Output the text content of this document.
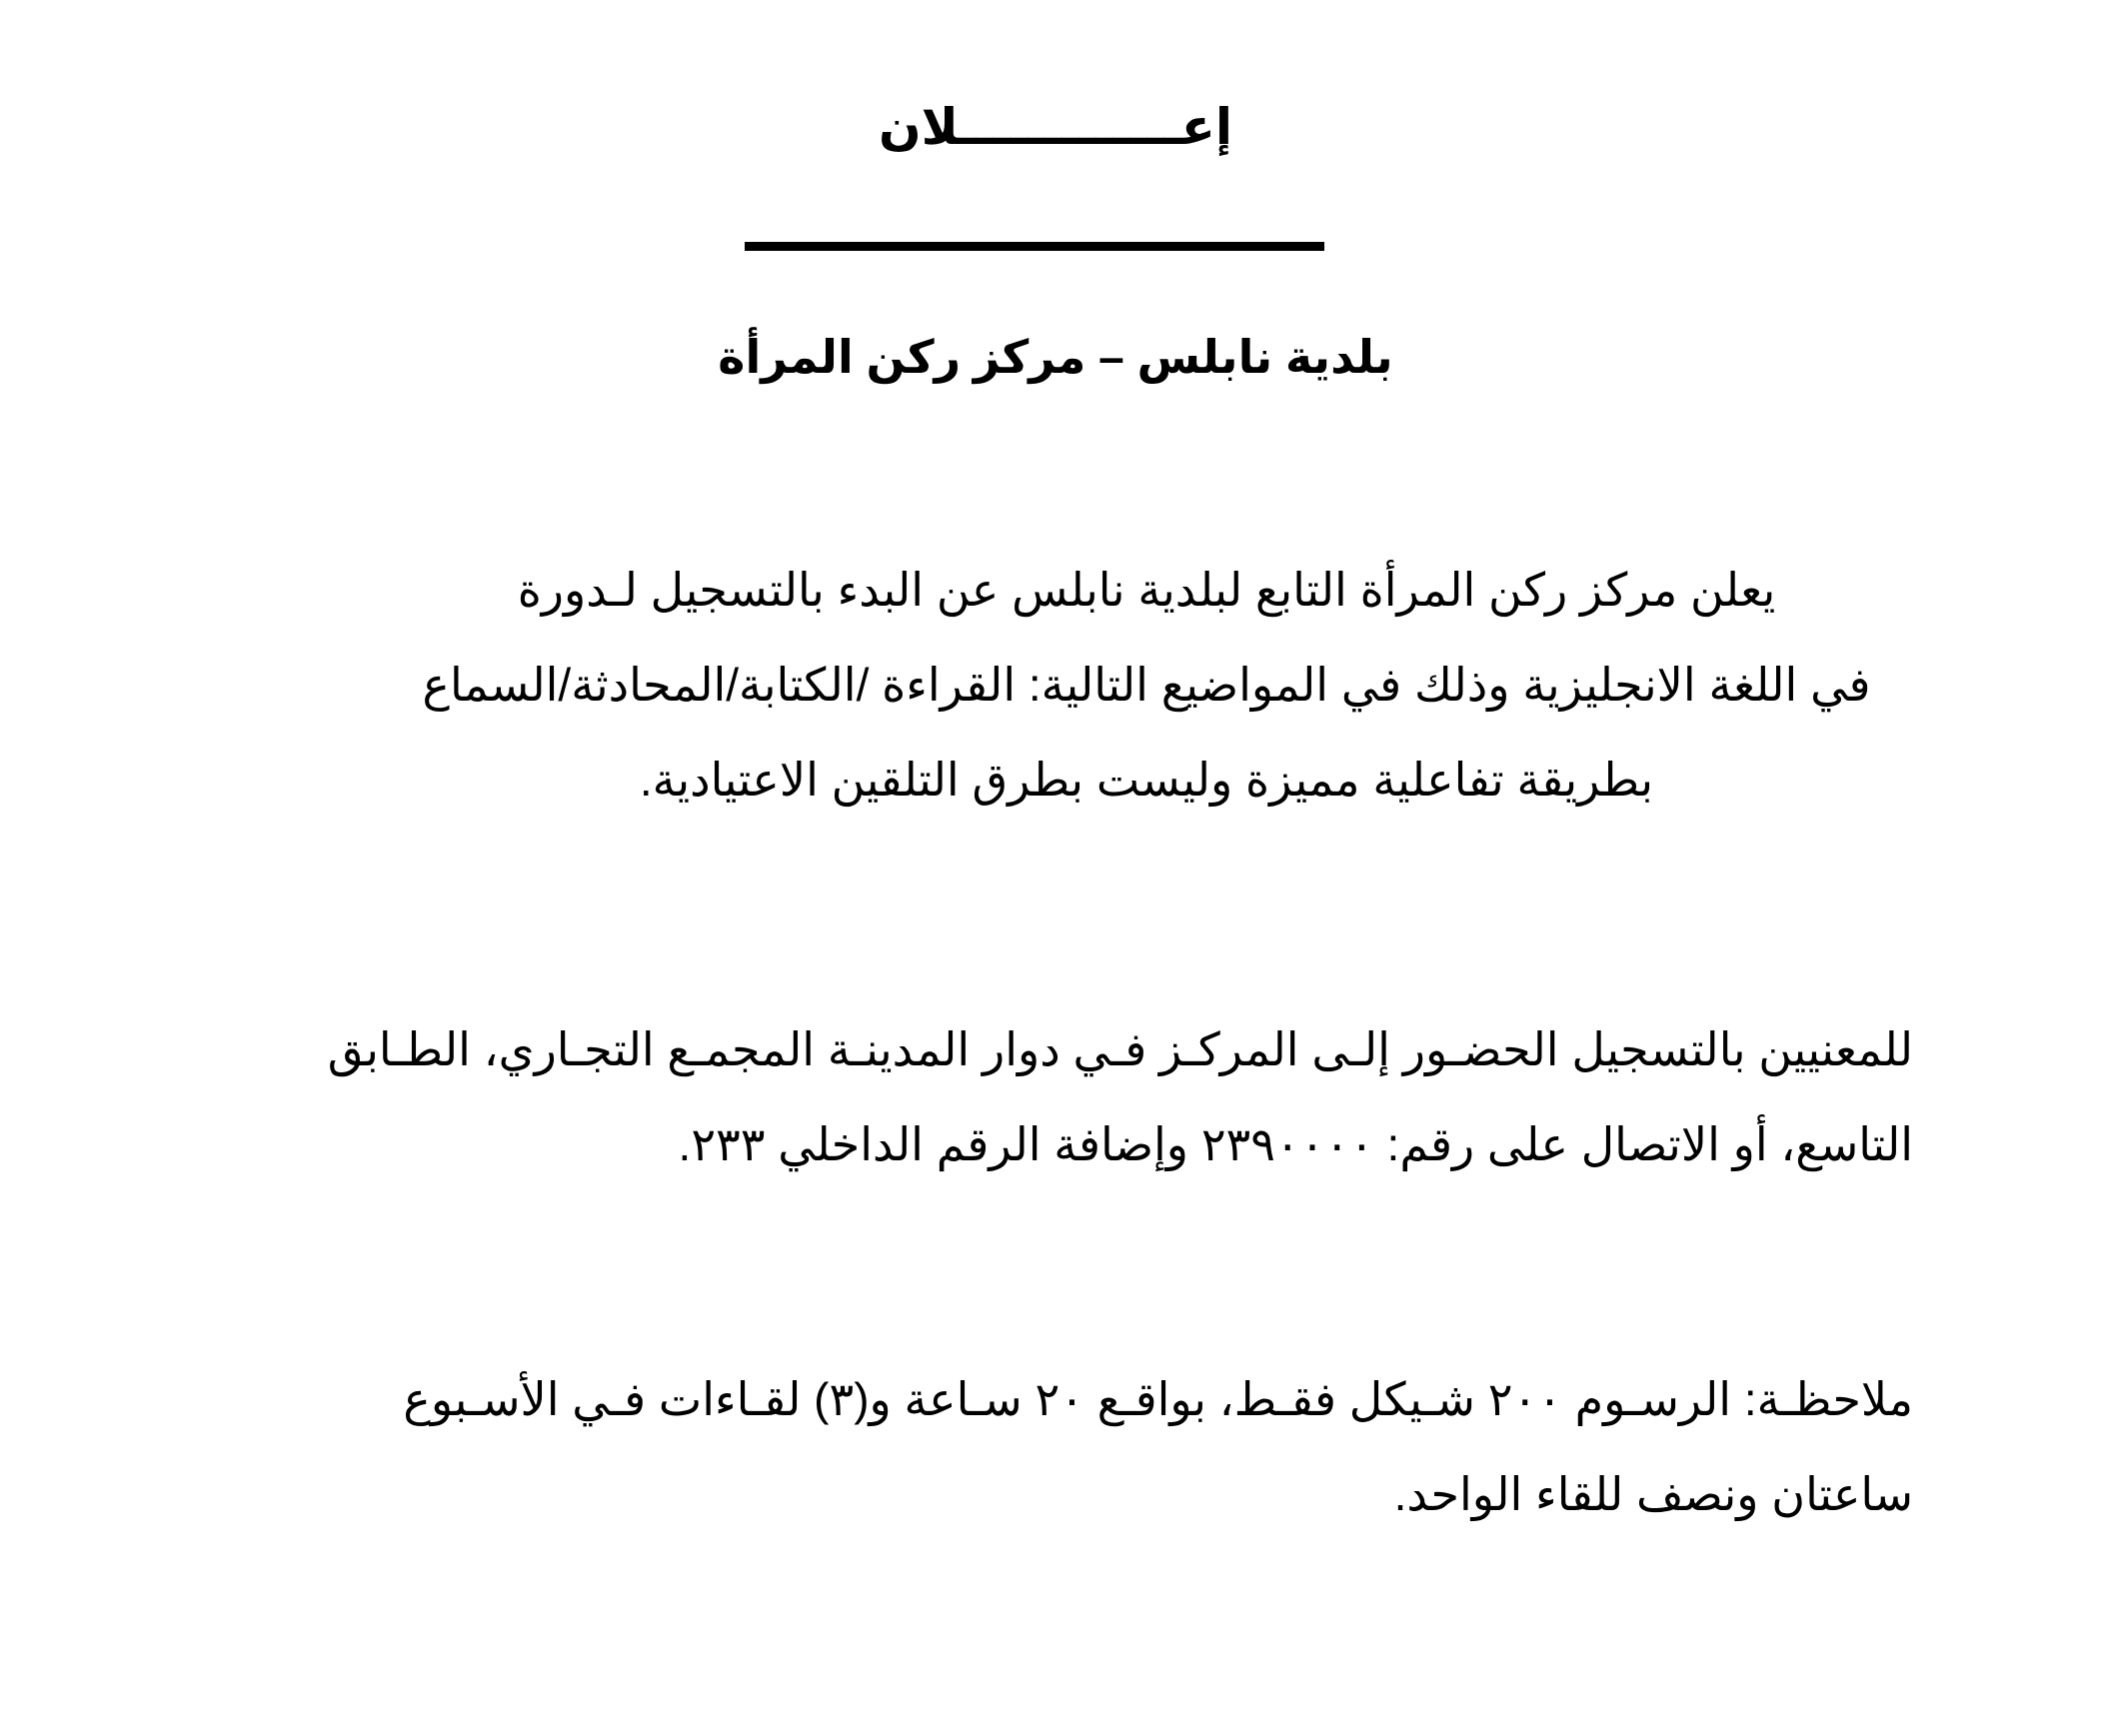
إعـــــــــــــلان
بلدية نابلس – مركز ركن المرأة
يعلن مركز ركن المرأة التابع لبلدية نابلس عن البدء بالتسجيل لـدورة
في اللغة الانجليزية وذلك في المواضيع التالية: القراءة /الكتابة/المحادثة/السماع
بطريقة تفاعلية مميزة وليست بطرق التلقين الاعتيادية.
للمعنيين بالتسجيل الحضـور إلـى المركـز فـي دوار المدينـة المجمـع التجـاري، الطـابق
التاسع، أو الاتصال على رقم: ٢٣٩٠٠٠٠ وإضافة الرقم الداخلي ٢٣٣.
ملاحظـة: الرسـوم ٢٠٠ شـيكل فقـط، بواقـع ٢٠ سـاعة و(٣) لقـاءات فـي الأسـبوع
ساعتان ونصف للقاء الواحد.
